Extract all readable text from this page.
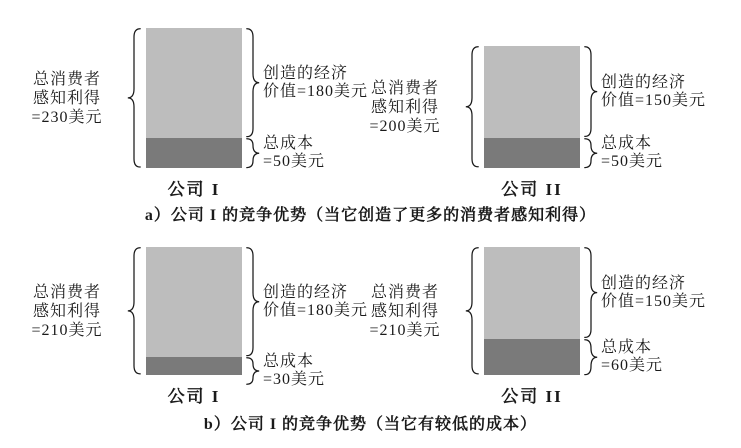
总消费者
感知利得
=230美元
创造的经济
价值=180美元
总成本
=50美元
公司 I
总消费者
感知利得
=200美元
创造的经济
价值=150美元
总成本
=50美元
公司 II
总消费者
感知利得
=210美元
创造的经济
价值=180美元
总成本
=30美元
公司 I
总消费者
感知利得
=210美元
创造的经济
价值=150美元
总成本
=60美元
公司 II
a）公司 I 的竞争优势（当它创造了更多的消费者感知利得）
b）公司 I 的竞争优势（当它有较低的成本）
